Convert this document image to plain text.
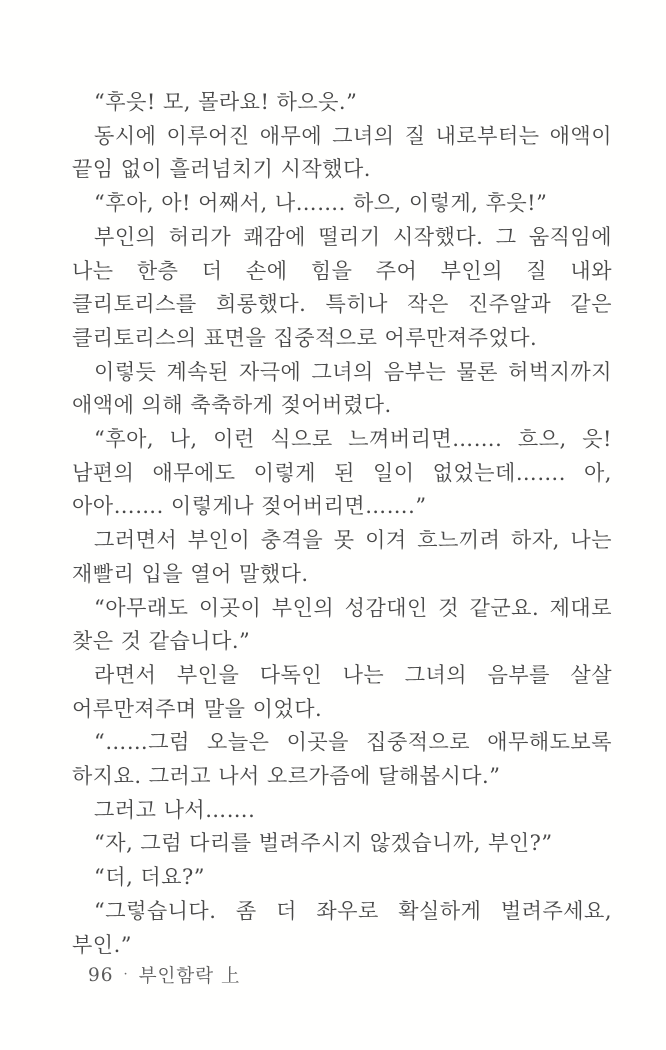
“후읏! 모, 몰라요! 하으읏.”

동시에 이루어진 애무에 그녀의 질 내로부터는 애액이 끝임 없이 흘러넘치기 시작했다.

“후아, 아! 어째서, 나……. 하으, 이렇게, 후읏!”

부인의 허리가 쾌감에 떨리기 시작했다. 그 움직임에 나는 한층 더 손에 힘을 주어 부인의 질 내와 클리토리스를 희롱했다. 특히나 작은 진주알과 같은 클리토리스의 표면을 집중적으로 어루만져주었다.

이렇듯 계속된 자극에 그녀의 음부는 물론 허벅지까지 애액에 의해 축축하게 젖어버렸다.

“후아, 나, 이런 식으로 느껴버리면……. 흐으, 읏! 남편의 애무에도 이렇게 된 일이 없었는데……. 아, 아아……. 이렇게나 젖어버리면…….”

그러면서 부인이 충격을 못 이겨 흐느끼려 하자, 나는 재빨리 입을 열어 말했다.

“아무래도 이곳이 부인의 성감대인 것 같군요. 제대로 찾은 것 같습니다.”

라면서 부인을 다독인 나는 그녀의 음부를 살살 어루만져주며 말을 이었다.

“……그럼 오늘은 이곳을 집중적으로 애무해도보록 하지요. 그러고 나서 오르가즘에 달해봅시다.”

그러고 나서…….

“자, 그럼 다리를 벌려주시지 않겠습니까, 부인?”

“더, 더요?”

“그렇습니다. 좀 더 좌우로 확실하게 벌려주세요, 부인.”

96 · 부인함락 上
